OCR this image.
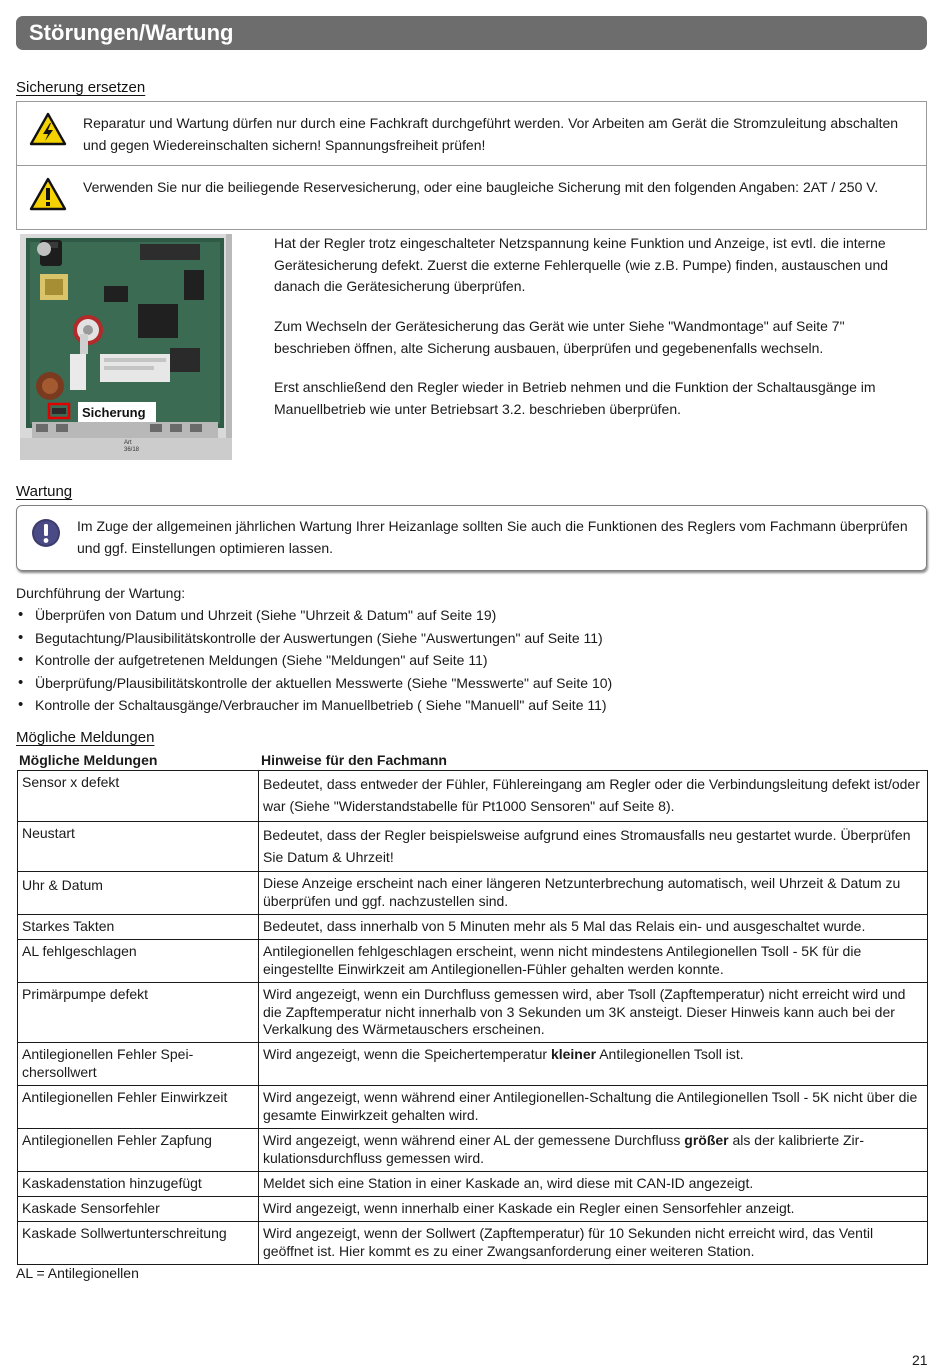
Störungen/Wartung
Sicherung ersetzen
Reparatur und Wartung dürfen nur durch eine Fachkraft durchgeführt werden. Vor Arbeiten am Gerät die Stromzuleitung abschalten und gegen Wiedereinschalten sichern! Spannungsfreiheit prüfen!
Verwenden Sie nur die beiliegende Reservesicherung, oder eine baugleiche Sicherung mit den folgenden Angaben: 2AT / 250 V.
Sicherung
Art 36/18
Hat der Regler trotz eingeschalteter Netzspannung keine Funktion und Anzeige, ist evtl. die interne Gerätesicherung defekt. Zuerst die externe Fehlerquelle (wie z.B. Pumpe) finden, austauschen und danach die Gerätesicherung überprüfen.
Zum Wechseln der Gerätesicherung das Gerät wie unter Siehe "Wandmontage" auf Seite 7" beschrieben öffnen, alte Sicherung ausbauen, überprüfen und gegebenenfalls wechseln.
Erst anschließend den Regler wieder in Betrieb nehmen und die Funktion der Schaltausgänge im Manuellbetrieb wie unter Betriebsart 3.2. beschrieben überprüfen.
Wartung
Im Zuge der allgemeinen jährlichen Wartung Ihrer Heizanlage sollten Sie auch die Funktionen des Reglers vom Fachmann überprüfen und ggf. Einstellungen optimieren lassen.
Durchführung der Wartung:
• Überprüfen von Datum und Uhrzeit (Siehe "Uhrzeit & Datum" auf Seite 19)
• Begutachtung/Plausibilitätskontrolle der Auswertungen (Siehe "Auswertungen" auf Seite 11)
• Kontrolle der aufgetretenen Meldungen (Siehe "Meldungen" auf Seite 11)
• Überprüfung/Plausibilitätskontrolle der aktuellen Messwerte (Siehe "Messwerte" auf Seite 10)
• Kontrolle der Schaltausgänge/Verbraucher im Manuellbetrieb ( Siehe "Manuell" auf Seite 11)
Mögliche Meldungen
Mögliche Meldungen	Hinweise für den Fachmann
Sensor x defekt	Bedeutet, dass entweder der Fühler, Fühlereingang am Regler oder die Verbindungsleitung defekt ist/oder war (Siehe "Widerstandstabelle für Pt1000 Sensoren" auf Seite 8).
Neustart	Bedeutet, dass der Regler beispielsweise aufgrund eines Stromausfalls neu gestartet wurde. Überprüfen Sie Datum & Uhrzeit!
Uhr & Datum	Diese Anzeige erscheint nach einer längeren Netzunterbrechung automatisch, weil Uhrzeit & Datum zu überprüfen und ggf. nachzustellen sind.
Starkes Takten	Bedeutet, dass innerhalb von 5 Minuten mehr als 5 Mal das Relais ein- und ausgeschaltet wurde.
AL fehlgeschlagen	Antilegionellen fehlgeschlagen erscheint, wenn nicht mindestens Antilegionellen Tsoll - 5K für die eingestellte Einwirkzeit am Antilegionellen-Fühler gehalten werden konnte.
Primärpumpe defekt	Wird angezeigt, wenn ein Durchfluss gemessen wird, aber Tsoll (Zapftemperatur) nicht erreicht wird und die Zapftemperatur nicht innerhalb von 3 Sekunden um 3K ansteigt. Dieser Hinweis kann auch bei der Verkalkung des Wärmetauschers erscheinen.
Antilegionellen Fehler Speichersollwert	Wird angezeigt, wenn die Speichertemperatur kleiner Antilegionellen Tsoll ist.
Antilegionellen Fehler Einwirkzeit	Wird angezeigt, wenn während einer Antilegionellen-Schaltung die Antilegionellen Tsoll - 5K nicht über die gesamte Einwirkzeit gehalten wird.
Antilegionellen Fehler Zapfung	Wird angezeigt, wenn während einer AL der gemessene Durchfluss größer als der kalibrierte Zirkulationsdurchfluss gemessen wird.
Kaskadenstation hinzugefügt	Meldet sich eine Station in einer Kaskade an, wird diese mit CAN-ID angezeigt.
Kaskade Sensorfehler	Wird angezeigt, wenn innerhalb einer Kaskade ein Regler einen Sensorfehler anzeigt.
Kaskade Sollwertunterschreitung	Wird angezeigt, wenn der Sollwert (Zapftemperatur) für 10 Sekunden nicht erreicht wird, das Ventil geöffnet ist. Hier kommt es zu einer Zwangsanforderung einer weiteren Station.
AL = Antilegionellen
21
